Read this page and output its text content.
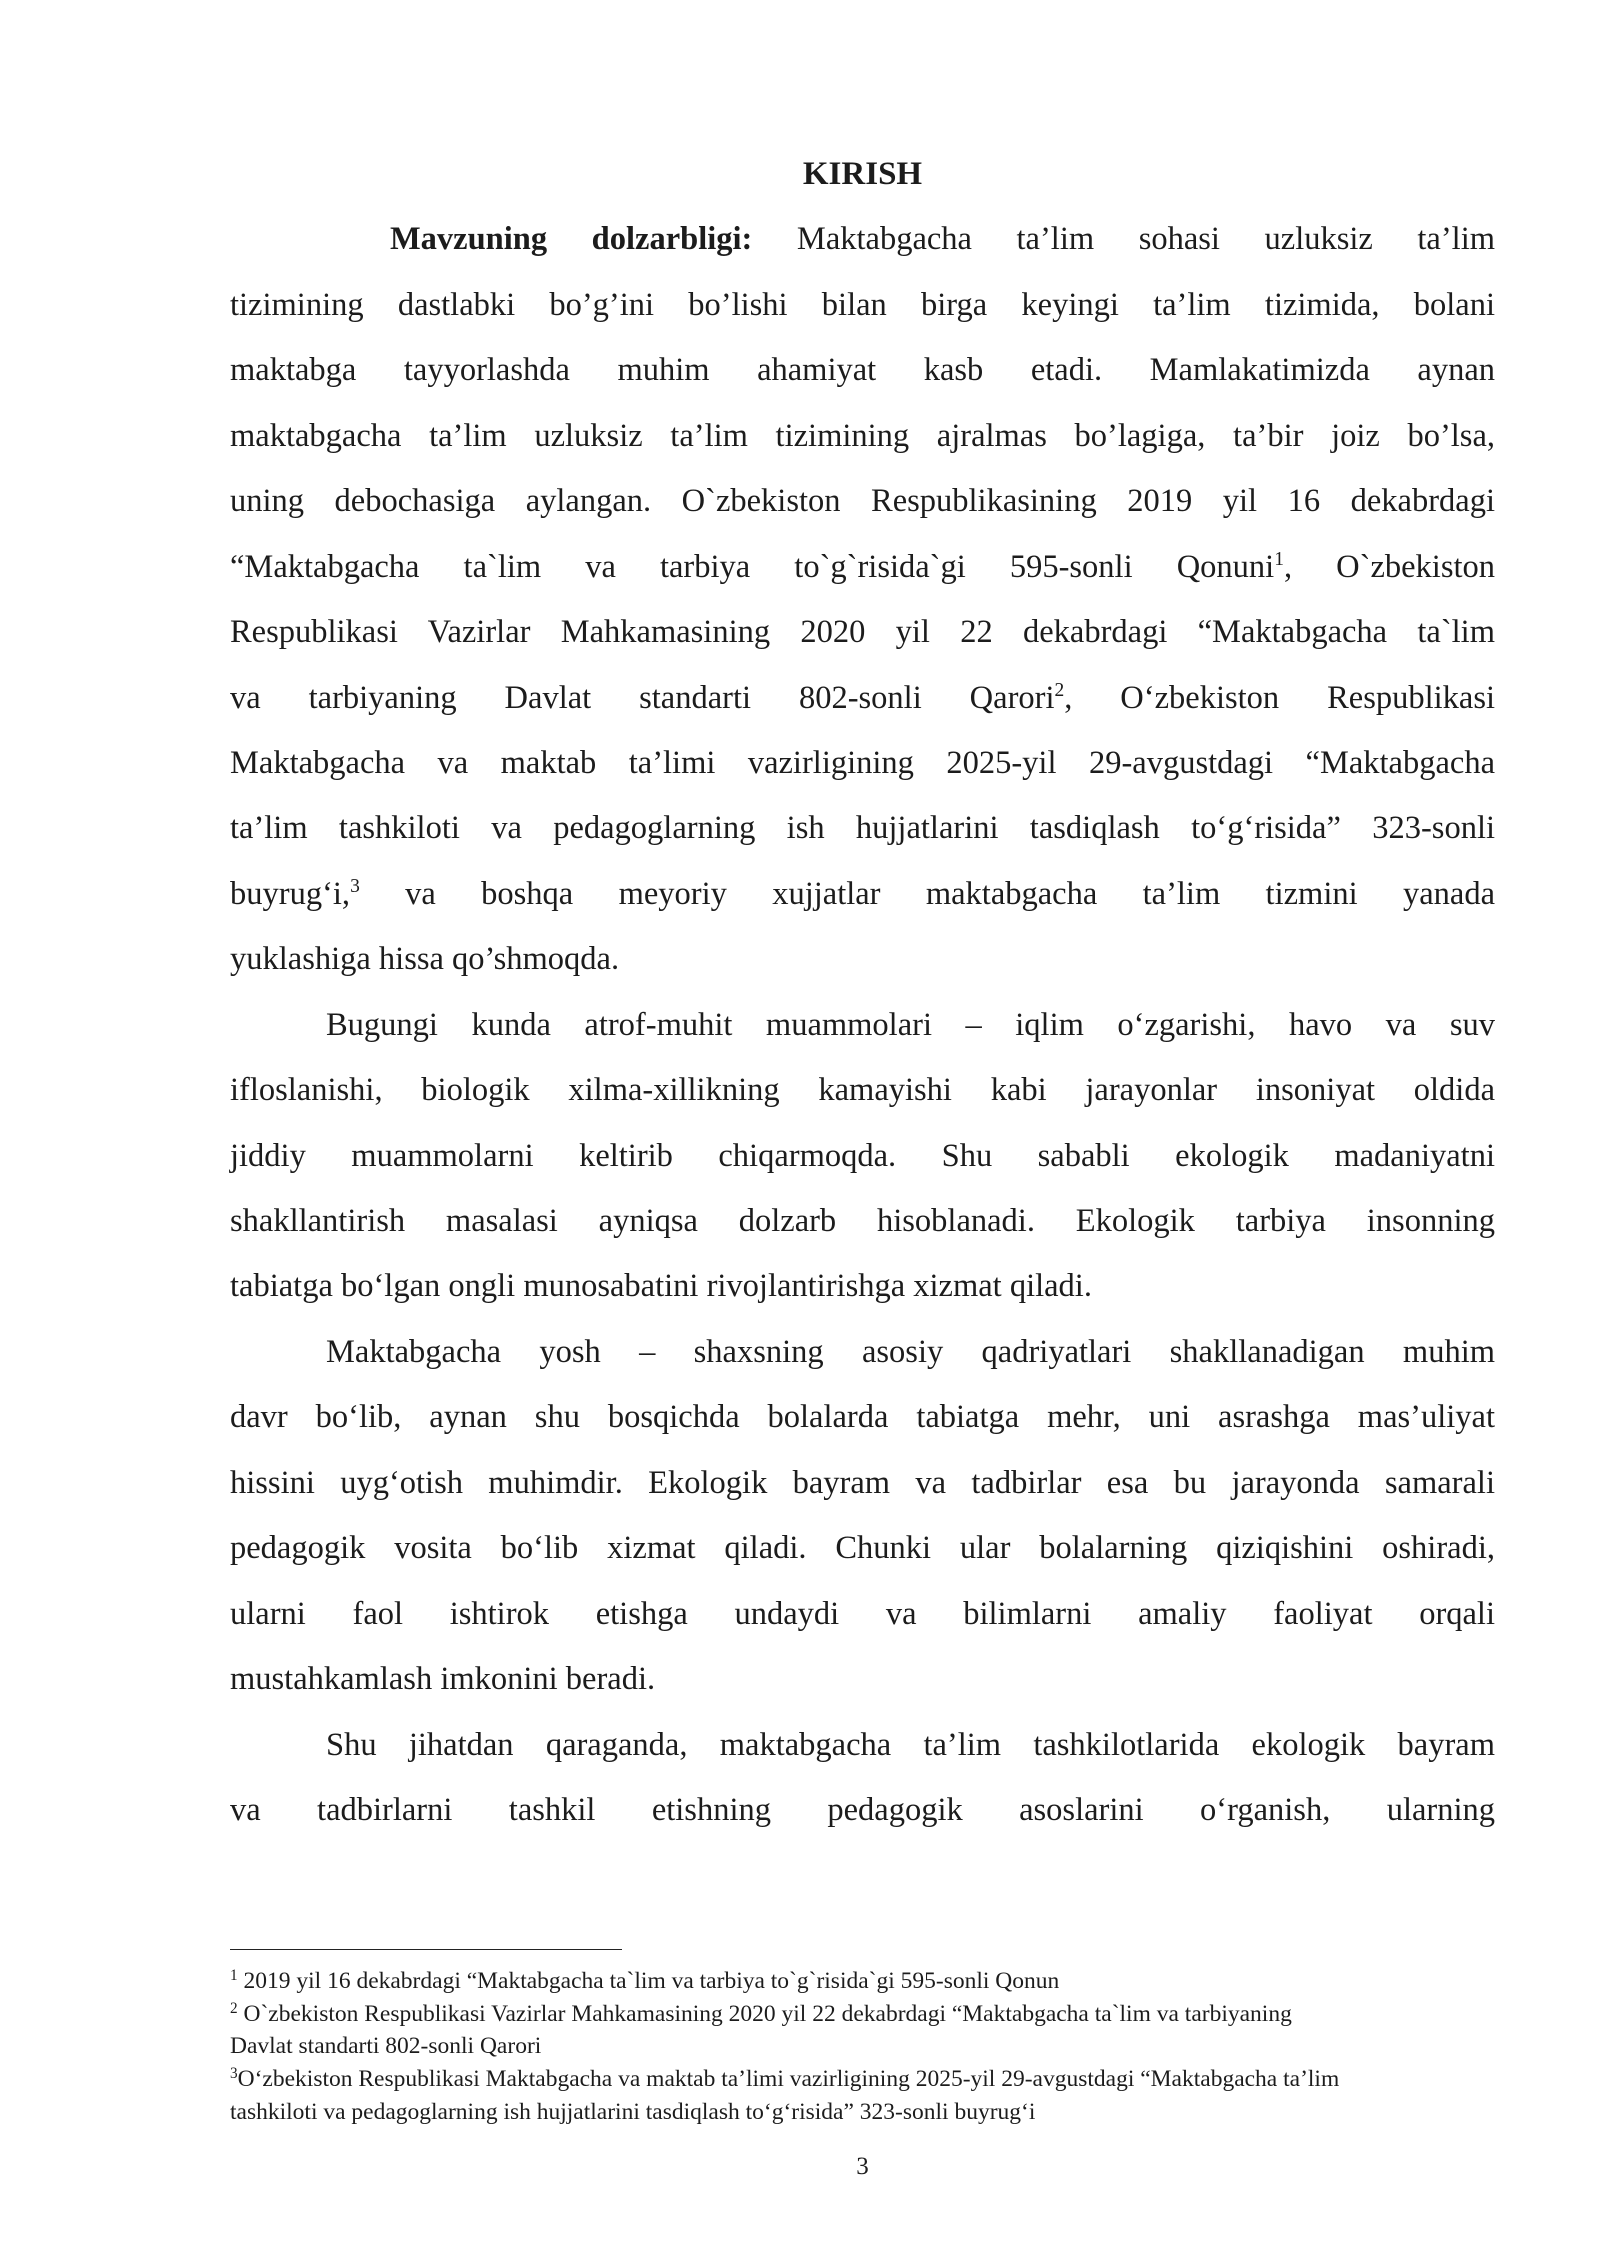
KIRISH
Mavzuning dolzarbligi: Maktabgacha ta’lim sohasi uzluksiz ta’lim
tizimining dastlabki bo’g’ini bo’lishi bilan birga keyingi ta’lim tizimida, bolani
maktabga tayyorlashda muhim ahamiyat kasb etadi. Mamlakatimizda aynan
maktabgacha ta’lim uzluksiz ta’lim tizimining ajralmas bo’lagiga, ta’bir joiz bo’lsa,
uning debochasiga aylangan. O`zbekiston Respublikasining 2019 yil 16 dekabrdagi
“Maktabgacha ta`lim va tarbiya to`g`risida`gi 595-sonli Qonuni$^1$, O`zbekiston
Respublikasi Vazirlar Mahkamasining 2020 yil 22 dekabrdagi “Maktabgacha ta`lim
va tarbiyaning Davlat standarti 802-sonli Qarori$^2$, O‘zbekiston Respublikasi
Maktabgacha va maktab ta’limi vazirligining 2025-yil 29-avgustdagi “Maktabgacha
ta’lim tashkiloti va pedagoglarning ish hujjatlarini tasdiqlash to‘g‘risida” 323-sonli
buyrug‘i,$^3$ va boshqa meyoriy xujjatlar maktabgacha ta’lim tizmini yanada
yuklashiga hissa qo’shmoqda.
Bugungi kunda atrof-muhit muammolari – iqlim o‘zgarishi, havo va suv
ifloslanishi, biologik xilma-xillikning kamayishi kabi jarayonlar insoniyat oldida
jiddiy muammolarni keltirib chiqarmoqda. Shu sababli ekologik madaniyatni
shakllantirish masalasi ayniqsa dolzarb hisoblanadi. Ekologik tarbiya insonning
tabiatga bo‘lgan ongli munosabatini rivojlantirishga xizmat qiladi.
Maktabgacha yosh – shaxsning asosiy qadriyatlari shakllanadigan muhim
davr bo‘lib, aynan shu bosqichda bolalarda tabiatga mehr, uni asrashga mas’uliyat
hissini uyg‘otish muhimdir. Ekologik bayram va tadbirlar esa bu jarayonda samarali
pedagogik vosita bo‘lib xizmat qiladi. Chunki ular bolalarning qiziqishini oshiradi,
ularni faol ishtirok etishga undaydi va bilimlarni amaliy faoliyat orqali
mustahkamlash imkonini beradi.
Shu jihatdan qaraganda, maktabgacha ta’lim tashkilotlarida ekologik bayram
va tadbirlarni tashkil etishning pedagogik asoslarini o‘rganish, ularning
$^1$ 2019 yil 16 dekabrdagi “Maktabgacha ta`lim va tarbiya to`g`risida`gi 595-sonli Qonun
$^2$ O`zbekiston Respublikasi Vazirlar Mahkamasining 2020 yil 22 dekabrdagi “Maktabgacha ta`lim va tarbiyaning
Davlat standarti 802-sonli Qarori
$^3$O‘zbekiston Respublikasi Maktabgacha va maktab ta’limi vazirligining 2025-yil 29-avgustdagi “Maktabgacha ta’lim
tashkiloti va pedagoglarning ish hujjatlarini tasdiqlash to‘g‘risida” 323-sonli buyrug‘i
3
